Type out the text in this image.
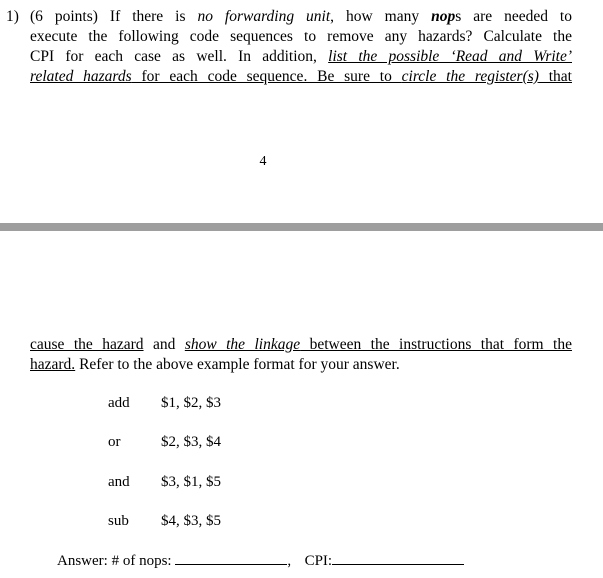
1) (6 points) If there is no forwarding unit, how many nops are needed to
execute the following code sequences to remove any hazards? Calculate the
CPI for each case as well. In addition, list the possible ‘Read and Write’
related hazards for each code sequence. Be sure to circle the register(s) that
4
cause the hazard and show the linkage between the instructions that form the
hazard. Refer to the above example format for your answer.
add $1, $2, $3
or	$2, $3, $4
and $3, $1, $5
sub $4, $3, $5
Answer: # of nops:	, CPI:
